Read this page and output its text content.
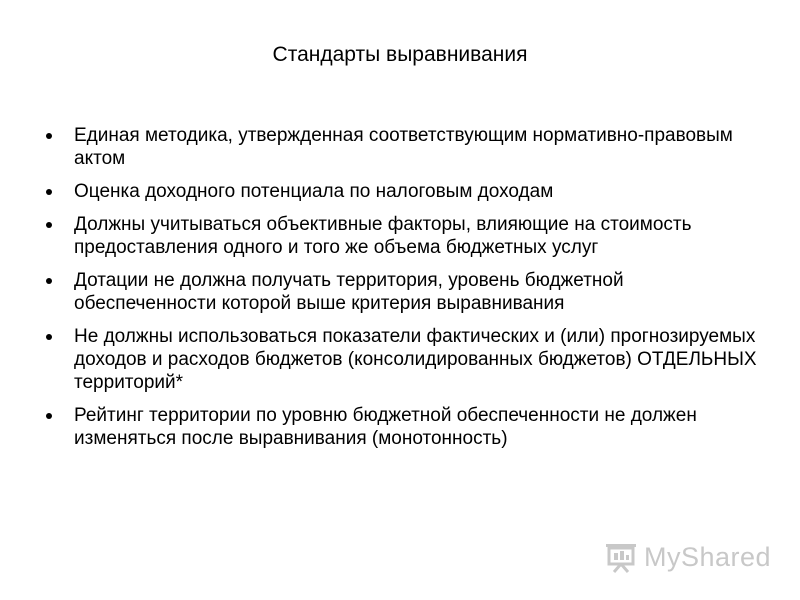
Стандарты выравнивания
Единая методика, утвержденная соответствующим нормативно-правовым актом
Оценка доходного потенциала по налоговым доходам
Должны учитываться объективные факторы, влияющие на стоимость предоставления одного и того же объема бюджетных услуг
Дотации не должна получать территория, уровень бюджетной обеспеченности которой выше критерия выравнивания
Не должны использоваться показатели фактических и (или) прогнозируемых доходов и расходов бюджетов (консолидированных бюджетов) ОТДЕЛЬНЫХ территорий*
Рейтинг территории по уровню бюджетной обеспеченности не должен изменяться после выравнивания (монотонность)
MyShared
